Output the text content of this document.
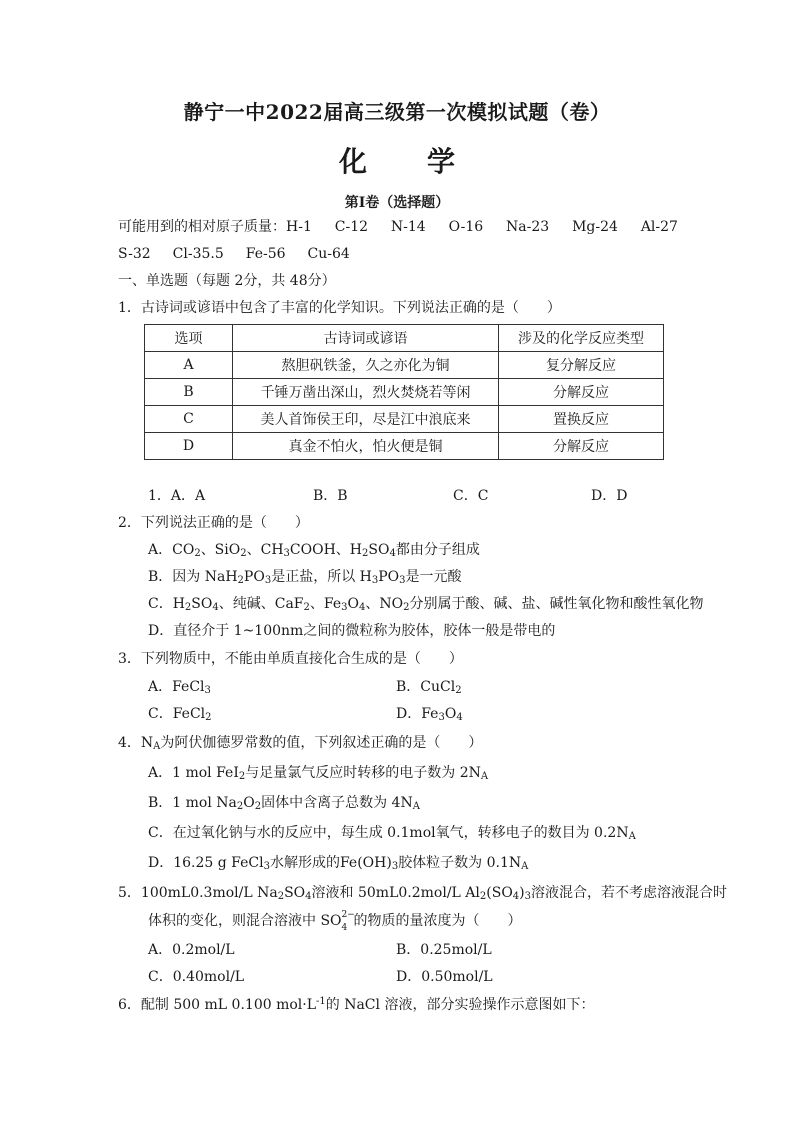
静宁一中2022届高三级第一次模拟试题（卷）
化学
第Ⅰ卷（选择题）
可能用到的相对原子质量：H-1 C-12 N-14 O-16 Na-23 Mg-24 Al-27
S-32 Cl-35.5 Fe-56 Cu-64
一、单选题（每题 2分，共 48分）
1．古诗词或谚语中包含了丰富的化学知识。下列说法正确的是（　　）
选项	古诗词或谚语	涉及的化学反应类型
A	熬胆矾铁釜，久之亦化为铜	复分解反应
B	千锤万凿出深山，烈火焚烧若等闲	分解反应
C	美人首饰侯王印，尽是江中浪底来	置换反应
D	真金不怕火，怕火便是铜	分解反应
1．A．A	B．B	C．C	D．D
2．下列说法正确的是（　　）
A．$CO_2$、SiO$_2$、$CH_3COOH$、$H_2SO_4$都由分子组成
B．因为 $NaH_2PO_3$是正盐，所以 $H_3PO_3$是一元酸
C．$H_2SO_4$、纯碱、CaF$_2$、$Fe_3O_4$、$NO_2$分别属于酸、碱、盐、碱性氧化物和酸性氧化物
D．直径介于 1~100nm之间的微粒称为胶体，胶体一般是带电的
3．下列物质中，不能由单质直接化合生成的是（　　）
A．FeCl$_3$	B．CuCl$_2$
C．FeCl$_2$	D．$Fe_3O_4$
4．$N_A$为阿伏伽德罗常数的值，下列叙述正确的是（　　）
A．1 mol FeI$_2$与足量氯气反应时转移的电子数为 $2N_A$
B．1 mol $Na_2O_2$固体中含离子总数为 $4N_A$
C．在过氧化钠与水的反应中，每生成 0.1mol氧气，转移电子的数目为 $0.2N_A$
D．16.25 g FeCl$_3$水解形成的$Fe(OH)_3$胶体粒子数为 $0.1N_A$
5．100mL0.3mol/L $Na_2SO_4$溶液和 50mL0.2mol/L $Al_2(SO_4)_3$溶液混合，若不考虑溶液混合时
体积的变化，则混合溶液中 SO 2−
4 的物质的量浓度为（　　）
A．0.2mol/L	B．0.25mol/L
C．0.40mol/L	D．0.50mol/L
6．配制 500 mL 0.100 $mol\cdot L^{-1}$的 NaCl 溶液，部分实验操作示意图如下：
